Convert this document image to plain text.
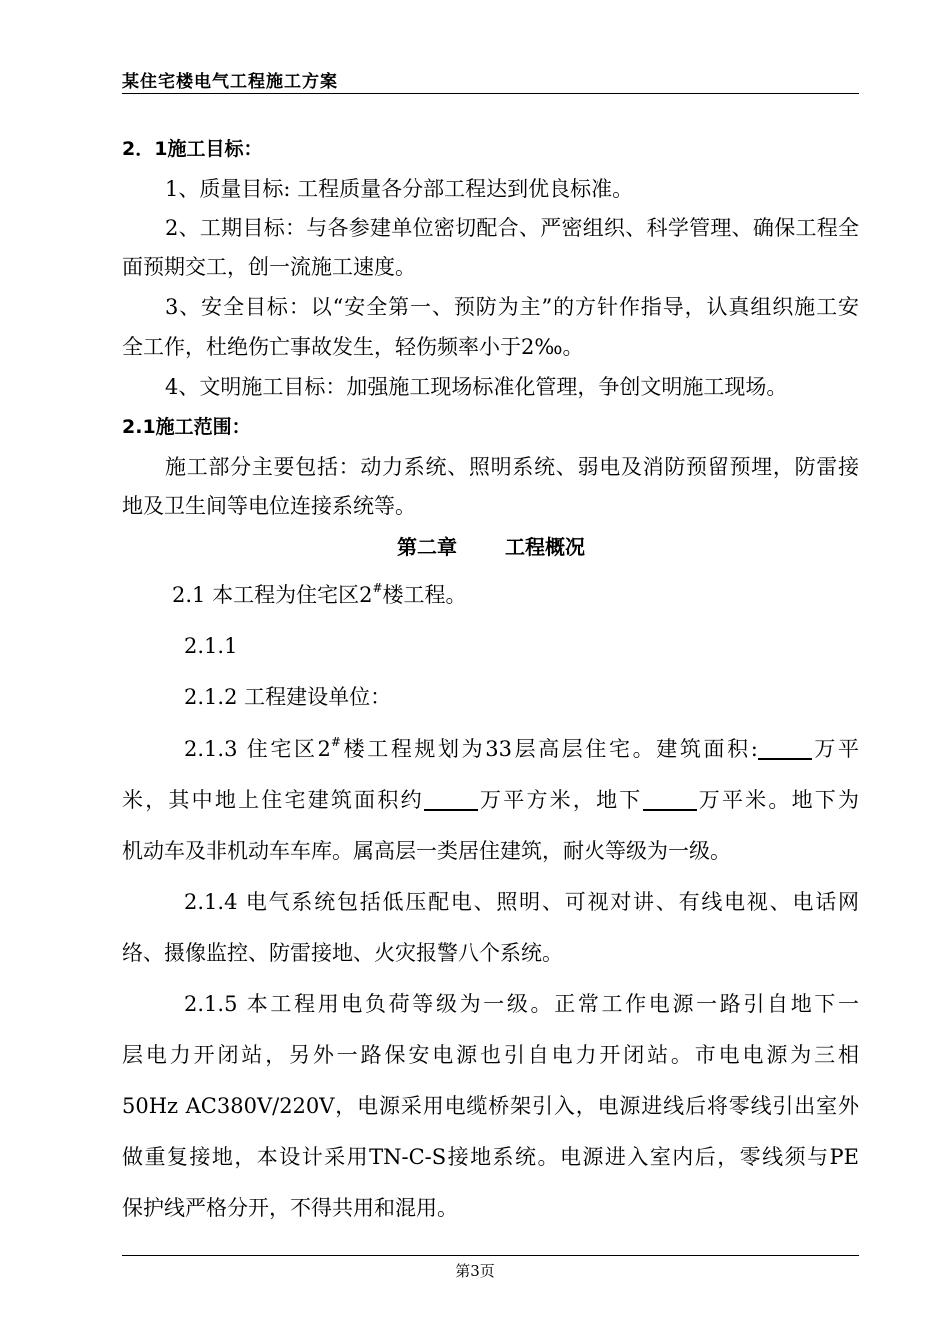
某住宅楼电气工程施工方案
2．1施工目标：
1、质量目标: 工程质量各分部工程达到优良标准。
2、工期目标：与各参建单位密切配合、严密组织、科学管理、确保工程全
面预期交工，创一流施工速度。
3、安全目标：以“安全第一、预防为主”的方针作指导，认真组织施工安
全工作，杜绝伤亡事故发生，轻伤频率小于2‰。
4、文明施工目标：加强施工现场标准化管理，争创文明施工现场。
2.1施工范围：
施工部分主要包括：动力系统、照明系统、弱电及消防预留预埋，防雷接
地及卫生间等电位连接系统等。
第二章 工程概况
2.1 本工程为住宅区2#楼工程。
2.1.1
2.1.2 工程建设单位：
2.1.3 住宅区2#楼工程规划为33层高层住宅。建筑面积:	万平
米，其中地上住宅建筑面积约	万平方米，地下	万平米。地下为
机动车及非机动车车库。属高层一类居住建筑，耐火等级为一级。
2.1.4 电气系统包括低压配电、照明、可视对讲、有线电视、电话网
络、摄像监控、防雷接地、火灾报警八个系统。
2.1.5 本工程用电负荷等级为一级。正常工作电源一路引自地下一
层电力开闭站，另外一路保安电源也引自电力开闭站。市电电源为三相
50Hz AC380V/220V，电源采用电缆桥架引入，电源进线后将零线引出室外
做重复接地，本设计采用TN-C-S接地系统。电源进入室内后，零线须与PE
保护线严格分开，不得共用和混用。
第3页
